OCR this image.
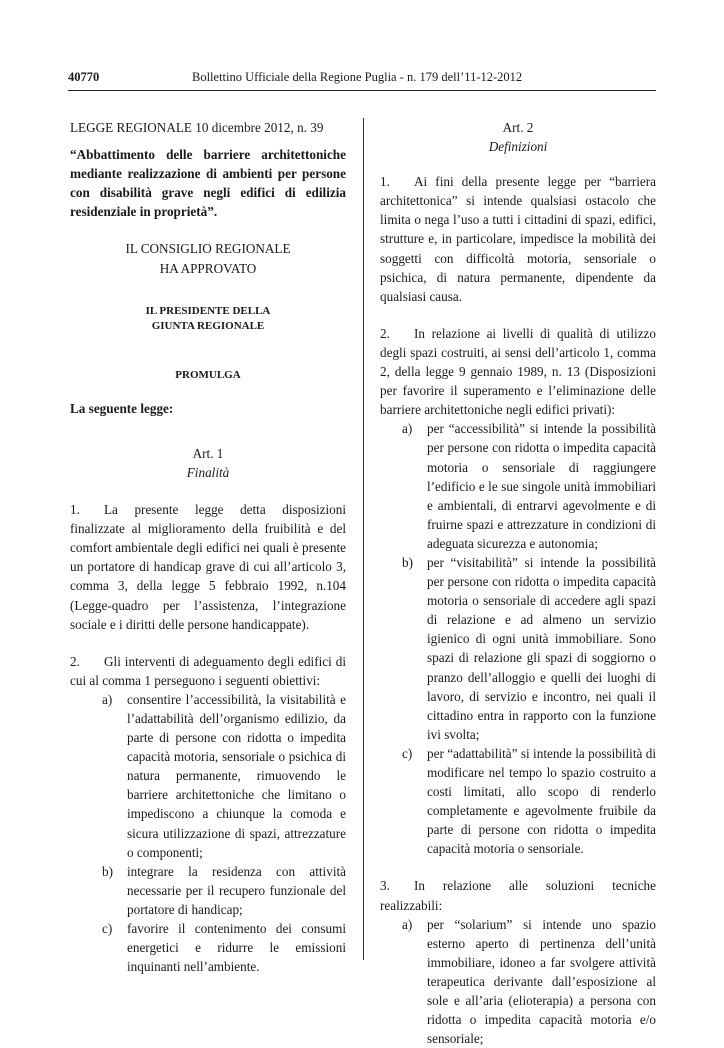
40770	Bollettino Ufficiale della Regione Puglia - n. 179 dell’11-12-2012

LEGGE REGIONALE 10 dicembre 2012, n. 39

“Abbattimento delle barriere architettoniche mediante realizzazione di ambienti per persone con disabilità grave negli edifici di edilizia residenziale in proprietà”.

IL CONSIGLIO REGIONALE

HA APPROVATO

IL PRESIDENTE DELLA

GIUNTA REGIONALE

PROMULGA

La seguente legge:

Art. 1

Finalità

1. La presente legge detta disposizioni finalizzate al miglioramento della fruibilità e del comfort ambientale degli edifici nei quali è presente un portatore di handicap grave di cui all’articolo 3, comma 3, della legge 5 febbraio 1992, n.104 (Legge-quadro per l’assistenza, l’integrazione sociale e i diritti delle persone handicappate).

2. Gli interventi di adeguamento degli edifici di cui al comma 1 perseguono i seguenti obiettivi:

a) consentire l’accessibilità, la visitabilità e l’adattabilità dell’organismo edilizio, da parte di persone con ridotta o impedita capacità motoria, sensoriale o psichica di natura permanente, rimuovendo le barriere architettoniche che limitano o impediscono a chiunque la comoda e sicura utilizzazione di spazi, attrezzature o componenti;
b) integrare la residenza con attività necessarie per il recupero funzionale del portatore di handicap;
c) favorire il contenimento dei consumi energetici e ridurre le emissioni inquinanti nell’ambiente.

Art. 2

Definizioni

1. Ai fini della presente legge per “barriera architettonica” si intende qualsiasi ostacolo che limita o nega l’uso a tutti i cittadini di spazi, edifici, strutture e, in particolare, impedisce la mobilità dei soggetti con difficoltà motoria, sensoriale o psichica, di natura permanente, dipendente da qualsiasi causa.

2. In relazione ai livelli di qualità di utilizzo degli spazi costruiti, ai sensi dell’articolo 1, comma 2, della legge 9 gennaio 1989, n. 13 (Disposizioni per favorire il superamento e l’eliminazione delle barriere architettoniche negli edifici privati):

a) per “accessibilità” si intende la possibilità per persone con ridotta o impedita capacità motoria o sensoriale di raggiungere l’edificio e le sue singole unità immobiliari e ambientali, di entrarvi agevolmente e di fruirne spazi e attrezzature in condizioni di adeguata sicurezza e autonomia;
b) per “visitabilità” si intende la possibilità per persone con ridotta o impedita capacità motoria o sensoriale di accedere agli spazi di relazione e ad almeno un servizio igienico di ogni unità immobiliare. Sono spazi di relazione gli spazi di soggiorno o pranzo dell’alloggio e quelli dei luoghi di lavoro, di servizio e incontro, nei quali il cittadino entra in rapporto con la funzione ivi svolta;
c) per “adattabilità” si intende la possibilità di modificare nel tempo lo spazio costruito a costi limitati, allo scopo di renderlo completamente e agevolmente fruibile da parte di persone con ridotta o impedita capacità motoria o sensoriale.

3. In relazione alle soluzioni tecniche realizzabili:

a) per “solarium” si intende uno spazio esterno aperto di pertinenza dell’unità immobiliare, idoneo a far svolgere attività terapeutica derivante dall’esposizione al sole e all’aria (elioterapia) a persona con ridotta o impedita capacità motoria e/o sensoriale;
